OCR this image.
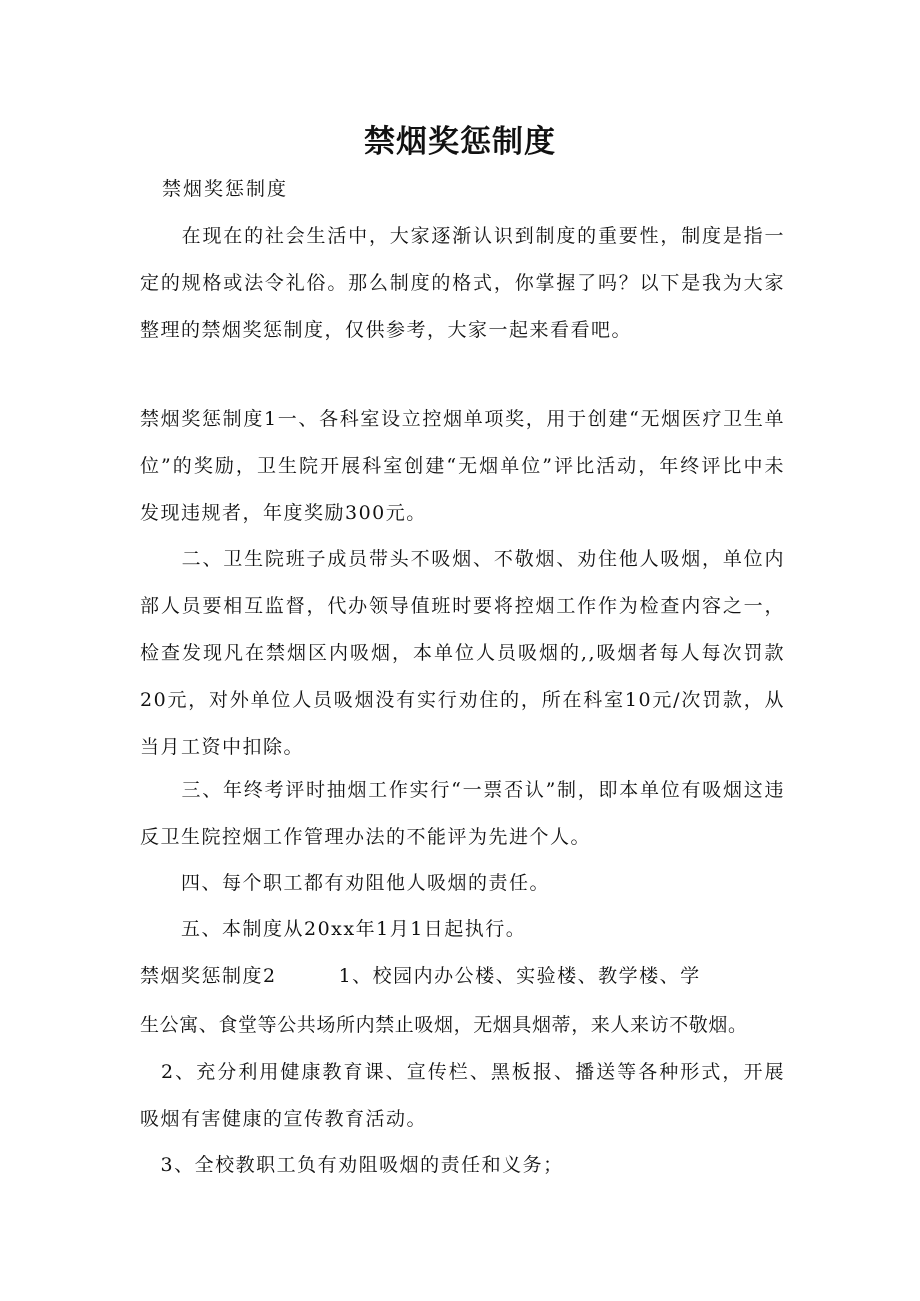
禁烟奖惩制度
禁烟奖惩制度

　　在现在的社会生活中，大家逐渐认识到制度的重要性，制度是指一定的规格或法令礼俗。那么制度的格式，你掌握了吗？以下是我为大家整理的禁烟奖惩制度，仅供参考，大家一起来看看吧。

禁烟奖惩制度1一、各科室设立控烟单项奖，用于创建“无烟医疗卫生单位”的奖励，卫生院开展科室创建“无烟单位”评比活动，年终评比中未发现违规者，年度奖励300元。

　　二、卫生院班子成员带头不吸烟、不敬烟、劝住他人吸烟，单位内部人员要相互监督，代办领导值班时要将控烟工作作为检查内容之一，检查发现凡在禁烟区内吸烟，本单位人员吸烟的,,吸烟者每人每次罚款20元，对外单位人员吸烟没有实行劝住的，所在科室10元/次罚款，从当月工资中扣除。

　　三、年终考评时抽烟工作实行“一票否认”制，即本单位有吸烟这违反卫生院控烟工作管理办法的不能评为先进个人。

　　四、每个职工都有劝阻他人吸烟的责任。

　　五、本制度从20xx年1月1日起执行。

禁烟奖惩制度2	1、校园内办公楼、实验楼、教学楼、学

生公寓、食堂等公共场所内禁止吸烟，无烟具烟蒂，来人来访不敬烟。

　2、充分利用健康教育课、宣传栏、黑板报、播送等各种形式，开展吸烟有害健康的宣传教育活动。

　3、全校教职工负有劝阻吸烟的责任和义务；
